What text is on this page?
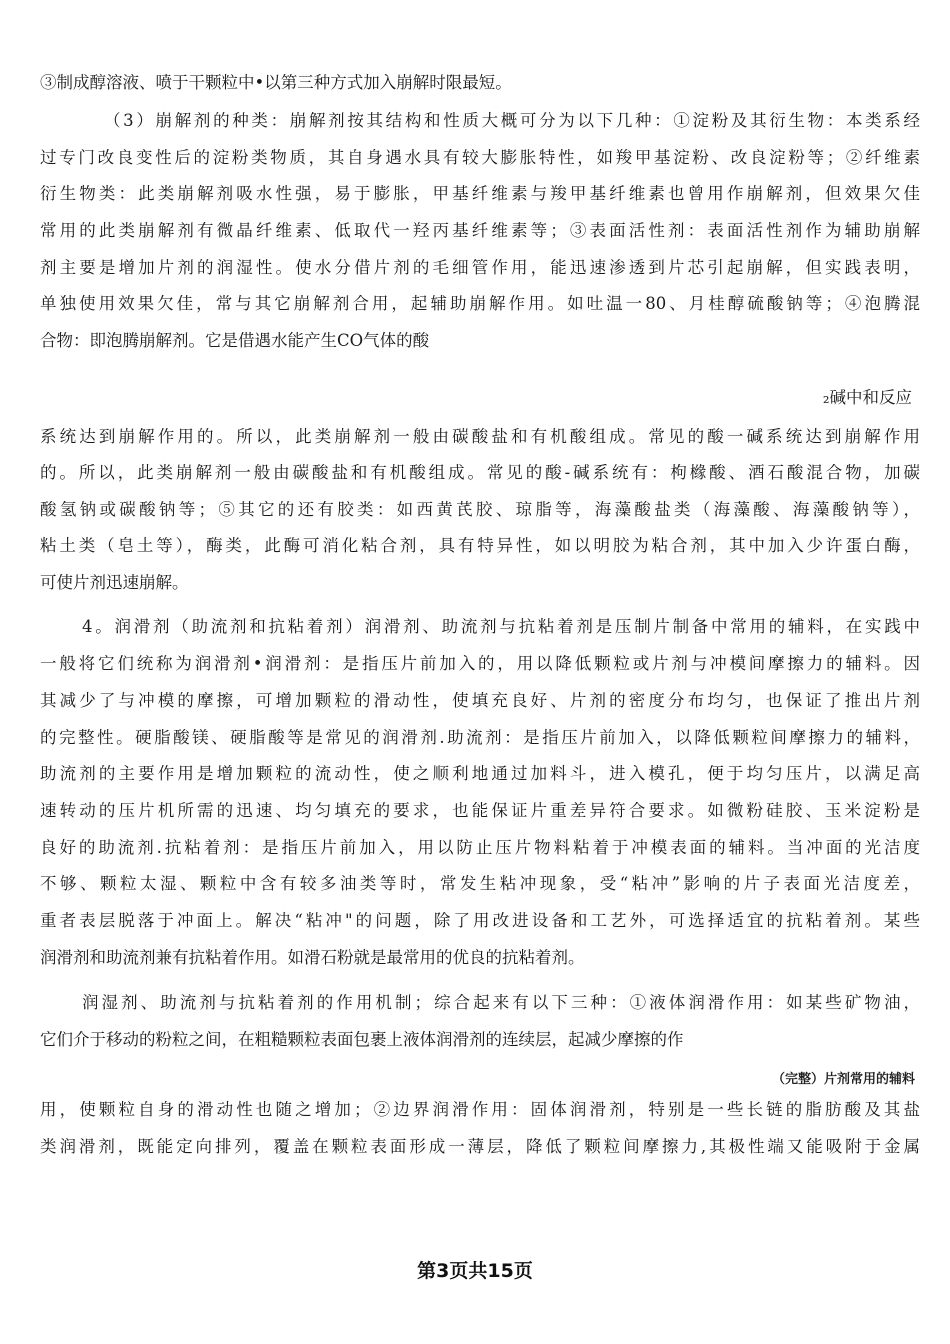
③制成醇溶液、喷于干颗粒中•以第三种方式加入崩解时限最短。
（3）崩解剂的种类：崩解剂按其结构和性质大概可分为以下几种：①淀粉及其衍生物：本类系经
过专门改良变性后的淀粉类物质，其自身遇水具有较大膨胀特性，如羧甲基淀粉、改良淀粉等；②纤维素
衍生物类：此类崩解剂吸水性强，易于膨胀，甲基纤维素与羧甲基纤维素也曾用作崩解剂，但效果欠佳
常用的此类崩解剂有微晶纤维素、低取代一羟丙基纤维素等；③表面活性剂：表面活性剂作为辅助崩解
剂主要是增加片剂的润湿性。使水分借片剂的毛细管作用，能迅速渗透到片芯引起崩解，但实践表明，
单独使用效果欠佳，常与其它崩解剂合用，起辅助崩解作用。如吐温一80、月桂醇硫酸钠等；④泡腾混
合物：即泡腾崩解剂。它是借遇水能产生CO气体的酸
₂碱中和反应
系统达到崩解作用的。所以，此类崩解剂一般由碳酸盐和有机酸组成。常见的酸一碱系统达到崩解作用
的。所以，此类崩解剂一般由碳酸盐和有机酸组成。常见的酸-碱系统有：枸橼酸、酒石酸混合物，加碳
酸氢钠或碳酸钠等；⑤其它的还有胶类：如西黄芪胶、琼脂等，海藻酸盐类（海藻酸、海藻酸钠等），
粘土类（皂土等），酶类，此酶可消化粘合剂，具有特异性，如以明胶为粘合剂，其中加入少许蛋白酶，
可使片剂迅速崩解。
4。润滑剂（助流剂和抗粘着剂）润滑剂、助流剂与抗粘着剂是压制片制备中常用的辅料，在实践中
一般将它们统称为润滑剂•润滑剂：是指压片前加入的，用以降低颗粒或片剂与冲模间摩擦力的辅料。因
其减少了与冲模的摩擦，可增加颗粒的滑动性，使填充良好、片剂的密度分布均匀，也保证了推出片剂
的完整性。硬脂酸镁、硬脂酸等是常见的润滑剂.助流剂：是指压片前加入，以降低颗粒间摩擦力的辅料，
助流剂的主要作用是增加颗粒的流动性，使之顺利地通过加料斗，进入模孔，便于均匀压片，以满足高
速转动的压片机所需的迅速、均匀填充的要求，也能保证片重差异符合要求。如微粉硅胶、玉米淀粉是
良好的助流剂.抗粘着剂：是指压片前加入，用以防止压片物料粘着于冲模表面的辅料。当冲面的光洁度
不够、颗粒太湿、颗粒中含有较多油类等时，常发生粘冲现象，受“粘冲”影响的片子表面光洁度差，
重者表层脱落于冲面上。解决“粘冲"的问题，除了用改进设备和工艺外，可选择适宜的抗粘着剂。某些
润滑剂和助流剂兼有抗粘着作用。如滑石粉就是最常用的优良的抗粘着剂。
润湿剂、助流剂与抗粘着剂的作用机制；综合起来有以下三种：①液体润滑作用：如某些矿物油，
它们介于移动的粉粒之间，在粗糙颗粒表面包裹上液体润滑剂的连续层，起减少摩擦的作
（完整）片剂常用的辅料
用，使颗粒自身的滑动性也随之增加；②边界润滑作用：固体润滑剂，特别是一些长链的脂肪酸及其盐
类润滑剂，既能定向排列，覆盖在颗粒表面形成一薄层，降低了颗粒间摩擦力,其极性端又能吸附于金属
第3页共15页
